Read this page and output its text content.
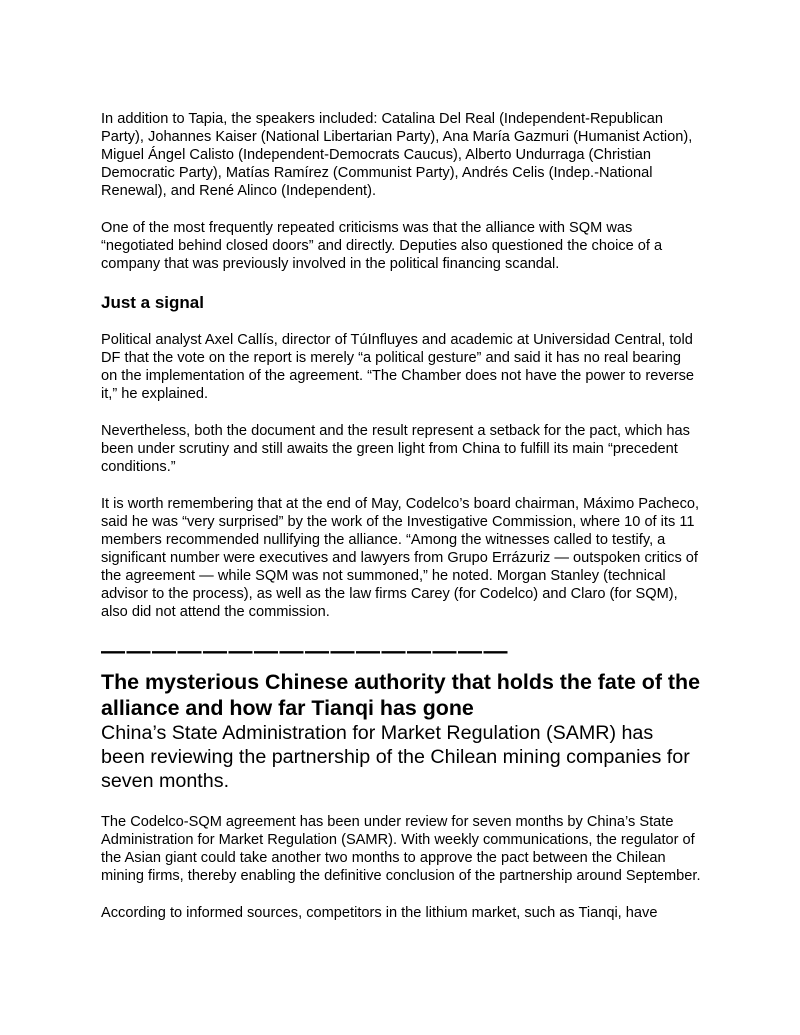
In addition to Tapia, the speakers included: Catalina Del Real (Independent-Republican Party), Johannes Kaiser (National Libertarian Party), Ana María Gazmuri (Humanist Action), Miguel Ángel Calisto (Independent-Democrats Caucus), Alberto Undurraga (Christian Democratic Party), Matías Ramírez (Communist Party), Andrés Celis (Indep.-National Renewal), and René Alinco (Independent).

One of the most frequently repeated criticisms was that the alliance with SQM was “negotiated behind closed doors” and directly. Deputies also questioned the choice of a company that was previously involved in the political financing scandal.

Just a signal

Political analyst Axel Callís, director of TúInfluyes and academic at Universidad Central, told DF that the vote on the report is merely “a political gesture” and said it has no real bearing on the implementation of the agreement. “The Chamber does not have the power to reverse it,” he explained.

Nevertheless, both the document and the result represent a setback for the pact, which has been under scrutiny and still awaits the green light from China to fulfill its main “precedent conditions.”

It is worth remembering that at the end of May, Codelco’s board chairman, Máximo Pacheco, said he was “very surprised” by the work of the Investigative Commission, where 10 of its 11 members recommended nullifying the alliance. “Among the witnesses called to testify, a significant number were executives and lawyers from Grupo Errázuriz — outspoken critics of the agreement — while SQM was not summoned,” he noted. Morgan Stanley (technical advisor to the process), as well as the law firms Carey (for Codelco) and Claro (for SQM), also did not attend the commission.

————————————————
The mysterious Chinese authority that holds the fate of the alliance and how far Tianqi has gone

China’s State Administration for Market Regulation (SAMR) has been reviewing the partnership of the Chilean mining companies for seven months.

The Codelco-SQM agreement has been under review for seven months by China’s State Administration for Market Regulation (SAMR). With weekly communications, the regulator of the Asian giant could take another two months to approve the pact between the Chilean mining firms, thereby enabling the definitive conclusion of the partnership around September.

According to informed sources, competitors in the lithium market, such as Tianqi, have
